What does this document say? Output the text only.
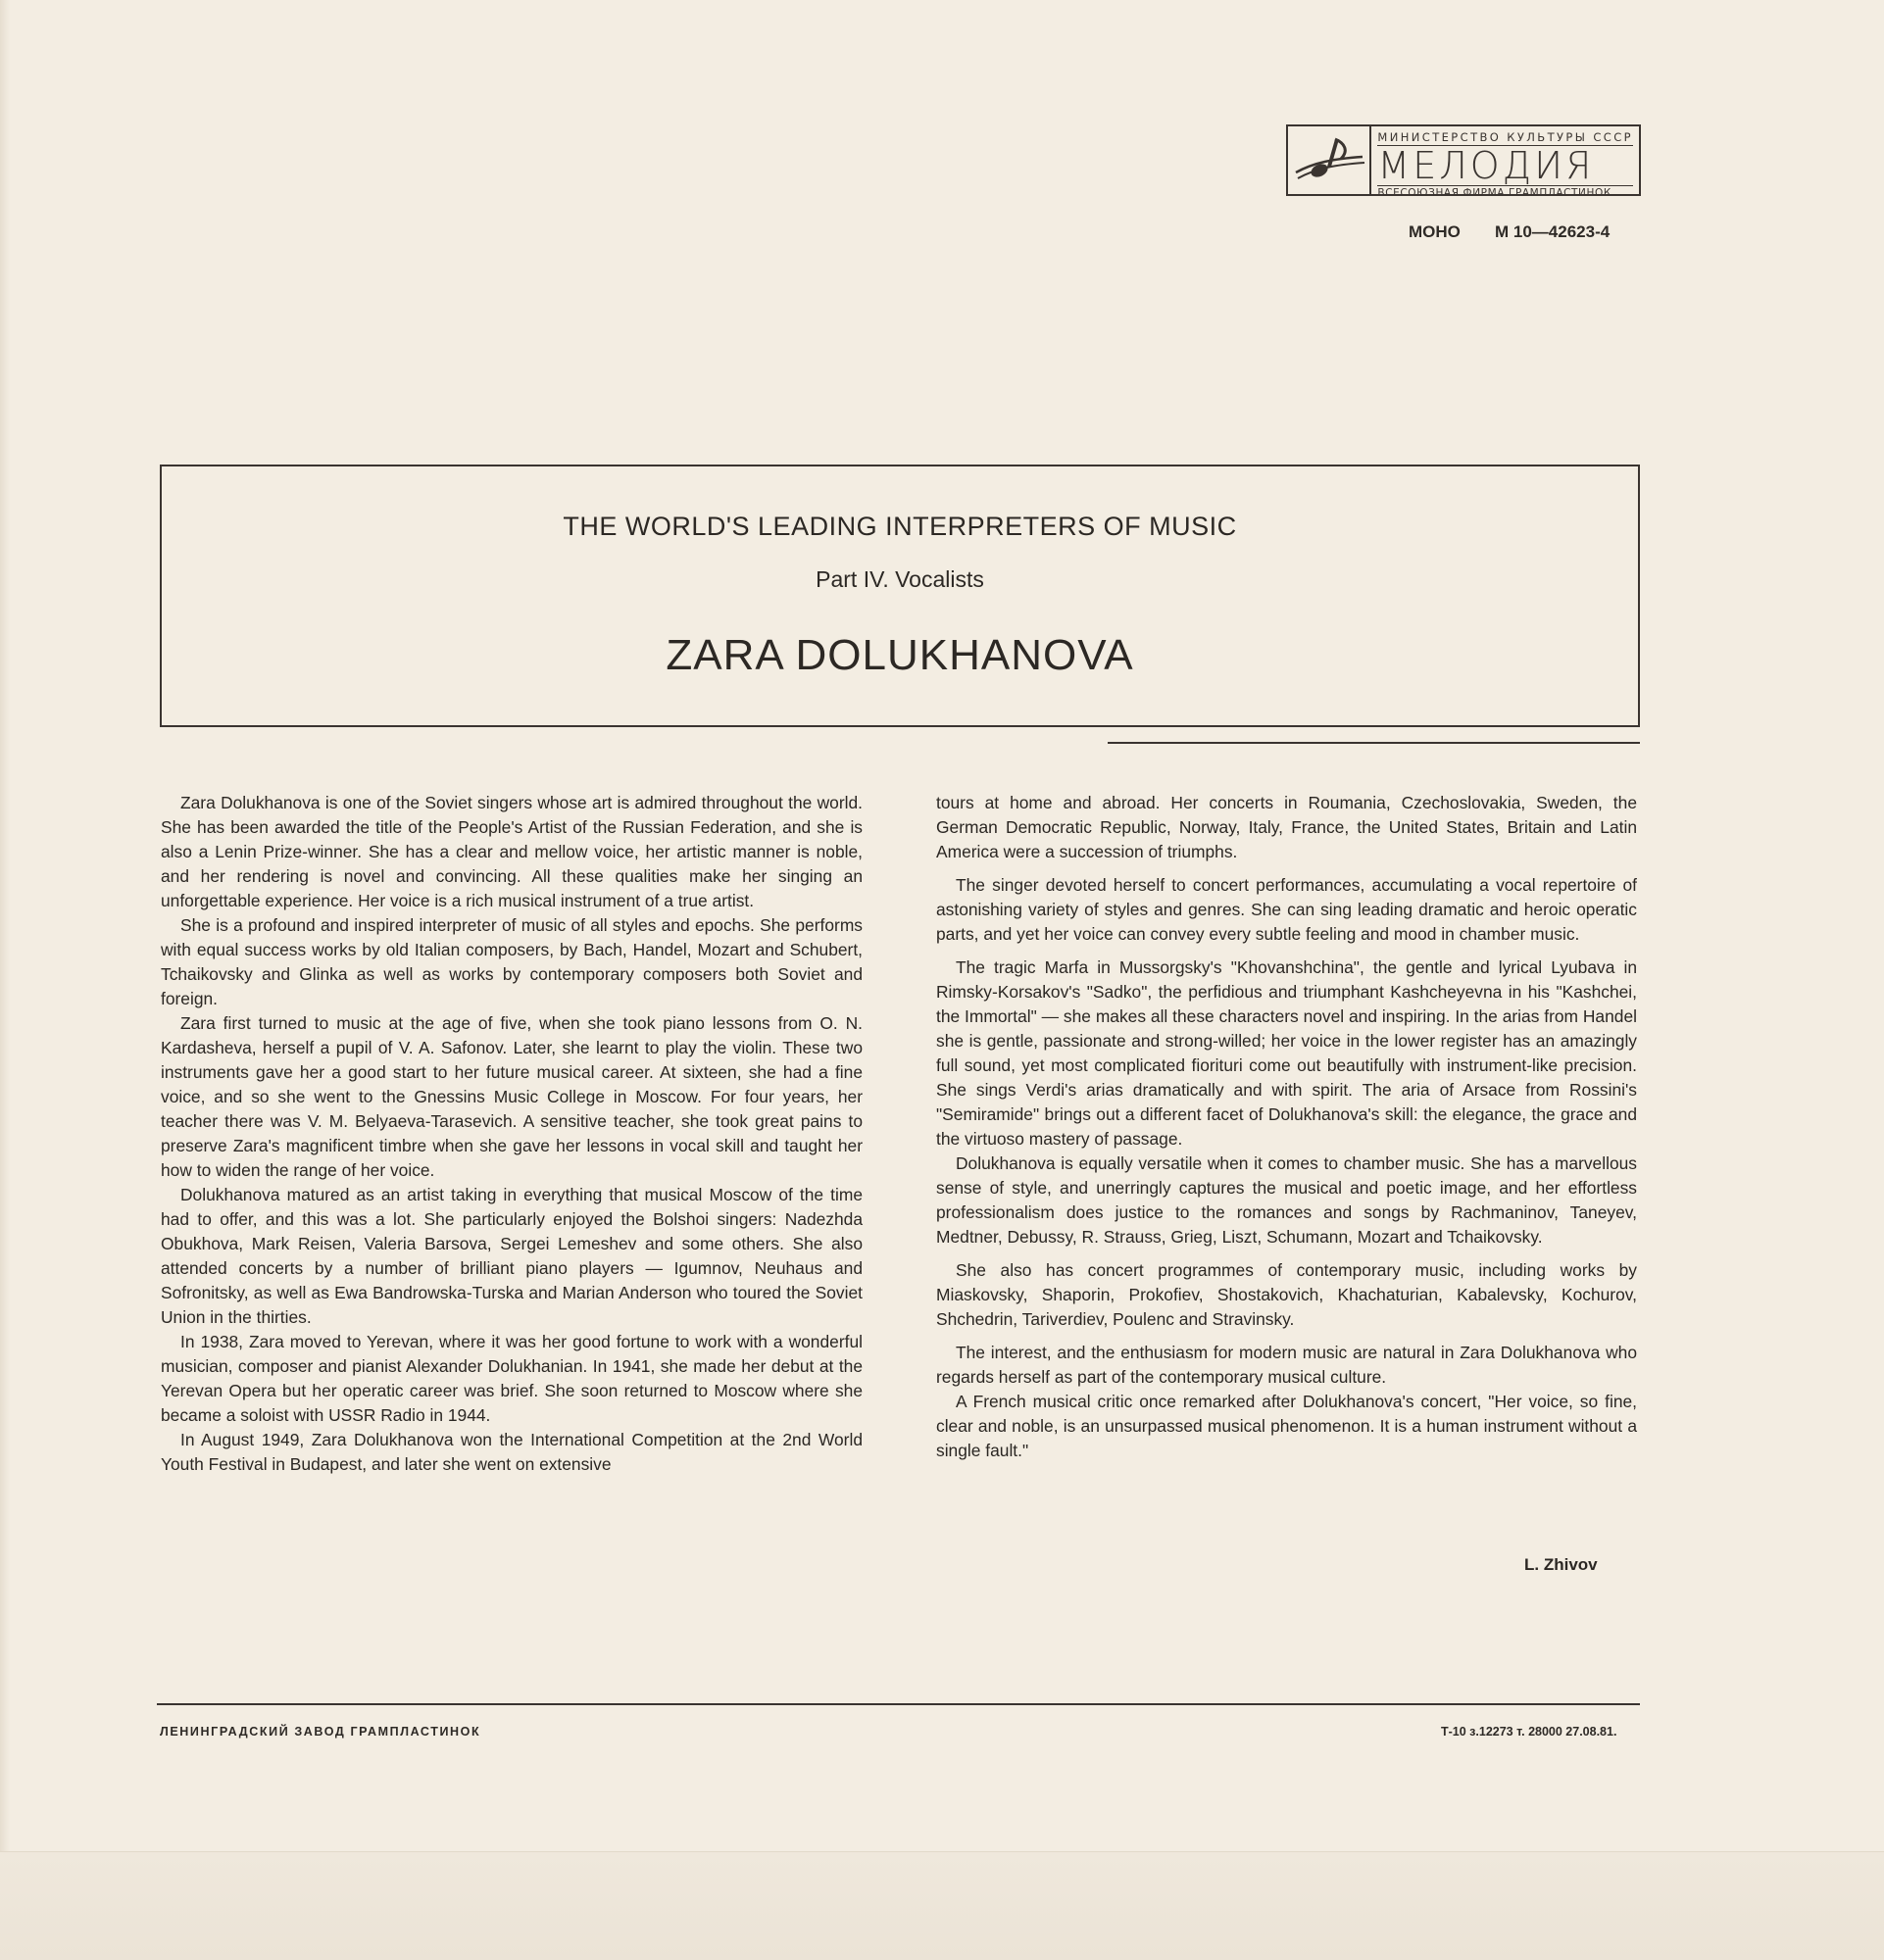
МИНИСТЕРСТВО КУЛЬТУРЫ СССР
МЕЛОДИЯ
ВСЕСОЮЗНАЯ ФИРМА ГРАМПЛАСТИНОК
МОНО М 10—42623-4
THE WORLD'S LEADING INTERPRETERS OF MUSIC
Part IV. Vocalists
ZARA DOLUKHANOVA

Zara Dolukhanova is one of the Soviet singers whose art is admired throughout the world. She has been awarded the title of the People's Artist of the Russian Federation, and she is also a Lenin Prize-winner. She has a clear and mellow voice, her artistic manner is noble, and her rendering is novel and convincing. All these qualities make her singing an unforgettable experience. Her voice is a rich musical instrument of a true artist.

She is a profound and inspired interpreter of music of all styles and epochs. She performs with equal success works by old Italian composers, by Bach, Handel, Mozart and Schubert, Tchaikovsky and Glinka as well as works by contemporary composers both Soviet and foreign.

Zara first turned to music at the age of five, when she took piano lessons from O. N. Kardasheva, herself a pupil of V. A. Safonov. Later, she learnt to play the violin. These two instruments gave her a good start to her future musical career. At sixteen, she had a fine voice, and so she went to the Gnessins Music College in Moscow. For four years, her teacher there was V. M. Belyaeva-Tarasevich. A sensitive teacher, she took great pains to preserve Zara's magnificent timbre when she gave her lessons in vocal skill and taught her how to widen the range of her voice.

Dolukhanova matured as an artist taking in everything that musical Moscow of the time had to offer, and this was a lot. She particularly enjoyed the Bolshoi singers: Nadezhda Obukhova, Mark Reisen, Valeria Barsova, Sergei Lemeshev and some others. She also attended concerts by a number of brilliant piano players — Igumnov, Neuhaus and Sofronitsky, as well as Ewa Bandrowska-Turska and Marian Anderson who toured the Soviet Union in the thirties.

In 1938, Zara moved to Yerevan, where it was her good fortune to work with a wonderful musician, composer and pianist Alexander Dolukhanian. In 1941, she made her debut at the Yerevan Opera but her operatic career was brief. She soon returned to Moscow where she became a soloist with USSR Radio in 1944.

In August 1949, Zara Dolukhanova won the International Competition at the 2nd World Youth Festival in Budapest, and later she went on extensive

tours at home and abroad. Her concerts in Roumania, Czechoslovakia, Sweden, the German Democratic Republic, Norway, Italy, France, the United States, Britain and Latin America were a succession of triumphs.

The singer devoted herself to concert performances, accumulating a vocal repertoire of astonishing variety of styles and genres. She can sing leading dramatic and heroic operatic parts, and yet her voice can convey every subtle feeling and mood in chamber music.

The tragic Marfa in Mussorgsky's "Khovanshchina", the gentle and lyrical Lyubava in Rimsky-Korsakov's "Sadko", the perfidious and triumphant Kashcheyevna in his "Kashchei, the Immortal" — she makes all these characters novel and inspiring. In the arias from Handel she is gentle, passionate and strong-willed; her voice in the lower register has an amazingly full sound, yet most complicated fioriturі come out beautifully with instrument-like precision. She sings Verdi's arias dramatically and with spirit. The aria of Arsace from Rossini's "Semiramide" brings out a different facet of Dolukhanova's skill: the elegance, the grace and the virtuoso mastery of passage.

Dolukhanova is equally versatile when it comes to chamber music. She has a marvellous sense of style, and unerringly captures the musical and poetic image, and her effortless professionalism does justice to the romances and songs by Rachmaninov, Taneyev, Medtner, Debussy, R. Strauss, Grieg, Liszt, Schumann, Mozart and Tchaikovsky.

She also has concert programmes of contemporary music, including works by Miaskovsky, Shaporin, Prokofiev, Shostakovich, Khachaturian, Kabalevsky, Kochurov, Shchedrin, Tariverdiev, Poulenc and Stravinsky.

The interest, and the enthusiasm for modern music are natural in Zara Dolukhanova who regards herself as part of the contemporary musical culture.

A French musical critic once remarked after Dolukhanova's concert, "Her voice, so fine, clear and noble, is an unsurpassed musical phenomenon. It is a human instrument without a single fault."

L. Zhivov
ЛЕНИНГРАДСКИЙ ЗАВОД ГРАМПЛАСТИНОК	Т-10 з.12273 т. 28000 27.08.81.
